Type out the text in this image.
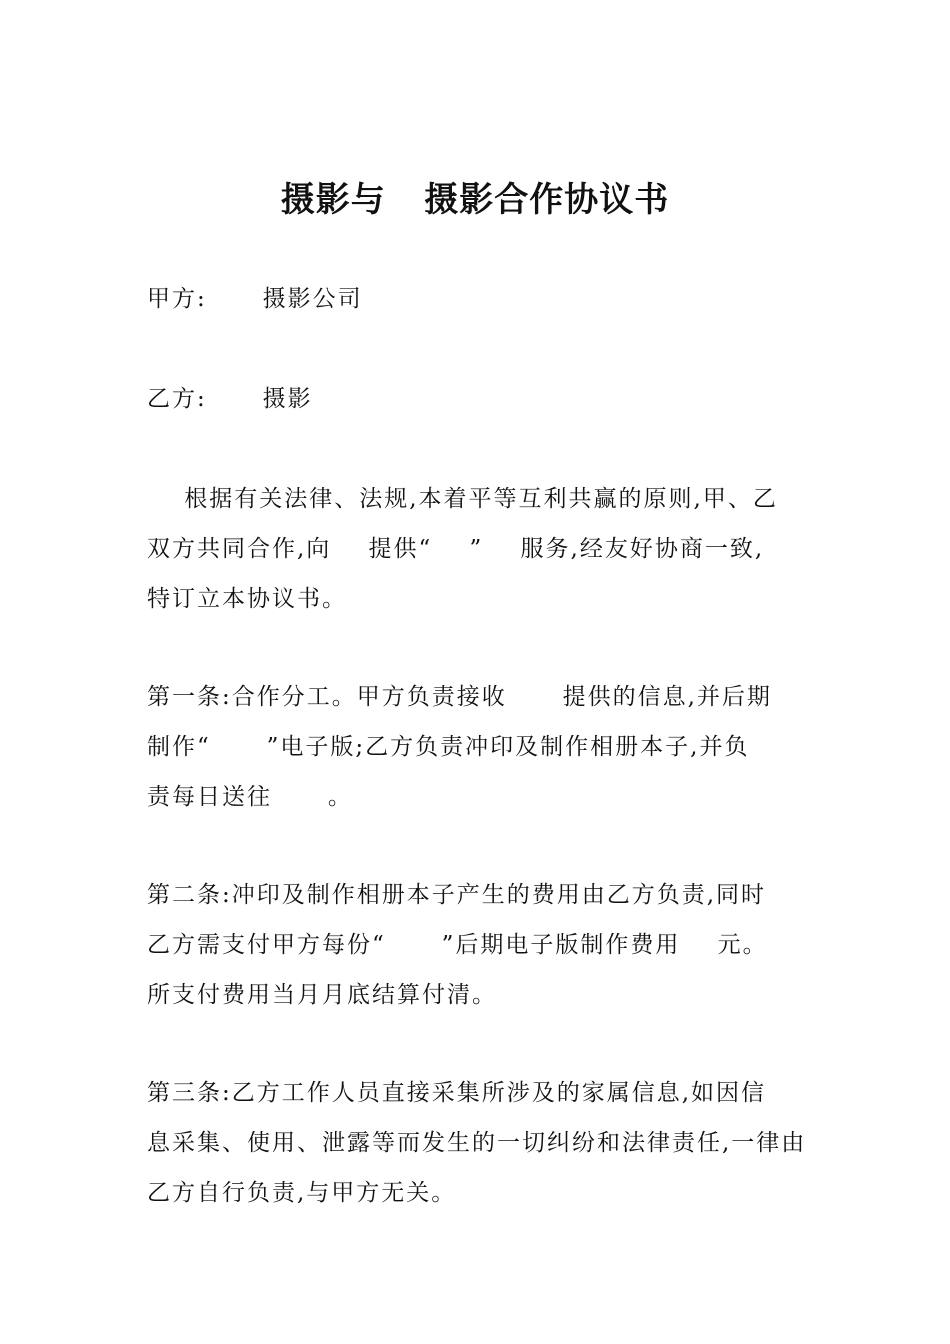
摄影与   摄影合作协议书

甲方:      摄影公司

乙方:      摄影

根据有关法律、法规,本着平等互利共赢的原则,甲、乙

双方共同合作,向    提供“    ”    服务,经友好协商一致,

特订立本协议书。

第一条:合作分工。甲方负责接收      提供的信息,并后期

制作“      ”电子版;乙方负责冲印及制作相册本子,并负

责每日送往      。

第二条:冲印及制作相册本子产生的费用由乙方负责,同时

乙方需支付甲方每份“      ”后期电子版制作费用    元。

所支付费用当月月底结算付清。

第三条:乙方工作人员直接采集所涉及的家属信息,如因信

息采集、使用、泄露等而发生的一切纠纷和法律责任,一律由

乙方自行负责,与甲方无关。
